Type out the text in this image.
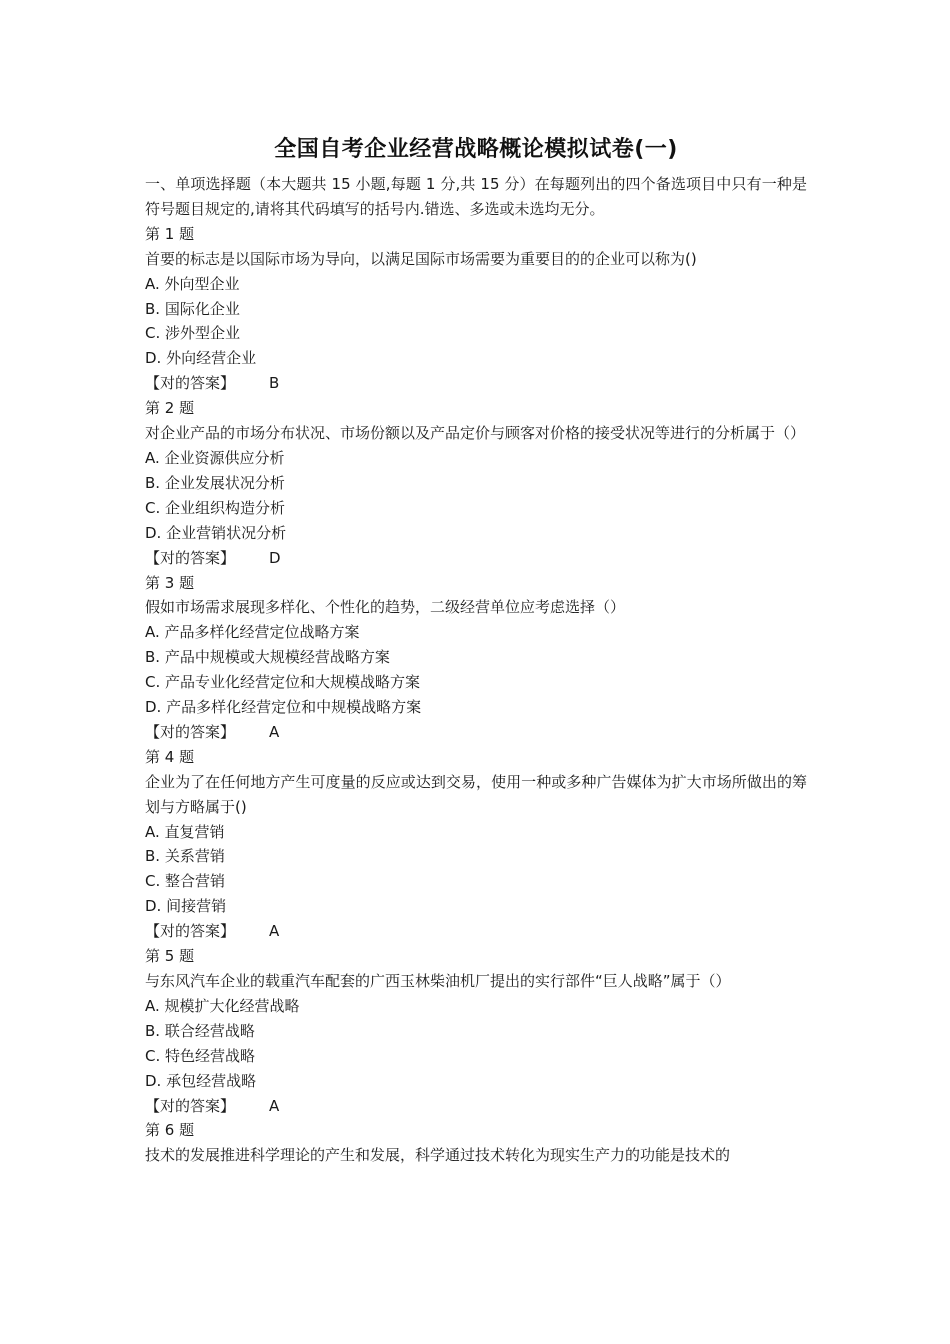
全国自考企业经营战略概论模拟试卷(一)
一、单项选择题（本大题共 15 小题,每题 1 分,共 15 分）在每题列出的四个备选项目中只有一种是符号题目规定的,请将其代码填写的括号内.错选、多选或未选均无分。
第 1 题
首要的标志是以国际市场为导向，以满足国际市场需要为重要目的的企业可以称为()
A. 外向型企业
B. 国际化企业
C. 涉外型企业
D. 外向经营企业
【对的答案】 B
第 2 题
对企业产品的市场分布状况、市场份额以及产品定价与顾客对价格的接受状况等进行的分析属于（）
A. 企业资源供应分析
B. 企业发展状况分析
C. 企业组织构造分析
D. 企业营销状况分析
【对的答案】 D
第 3 题
假如市场需求展现多样化、个性化的趋势，二级经营单位应考虑选择（）
A. 产品多样化经营定位战略方案
B. 产品中规模或大规模经营战略方案
C. 产品专业化经营定位和大规模战略方案
D. 产品多样化经营定位和中规模战略方案
【对的答案】 A
第 4 题
企业为了在任何地方产生可度量的反应或达到交易，使用一种或多种广告媒体为扩大市场所做出的筹划与方略属于()
A. 直复营销
B. 关系营销
C. 整合营销
D. 间接营销
【对的答案】 A
第 5 题
与东风汽车企业的载重汽车配套的广西玉林柴油机厂提出的实行部件“巨人战略”属于（）
A. 规模扩大化经营战略
B. 联合经营战略
C. 特色经营战略
D. 承包经营战略
【对的答案】 A
第 6 题
技术的发展推进科学理论的产生和发展，科学通过技术转化为现实生产力的功能是技术的
